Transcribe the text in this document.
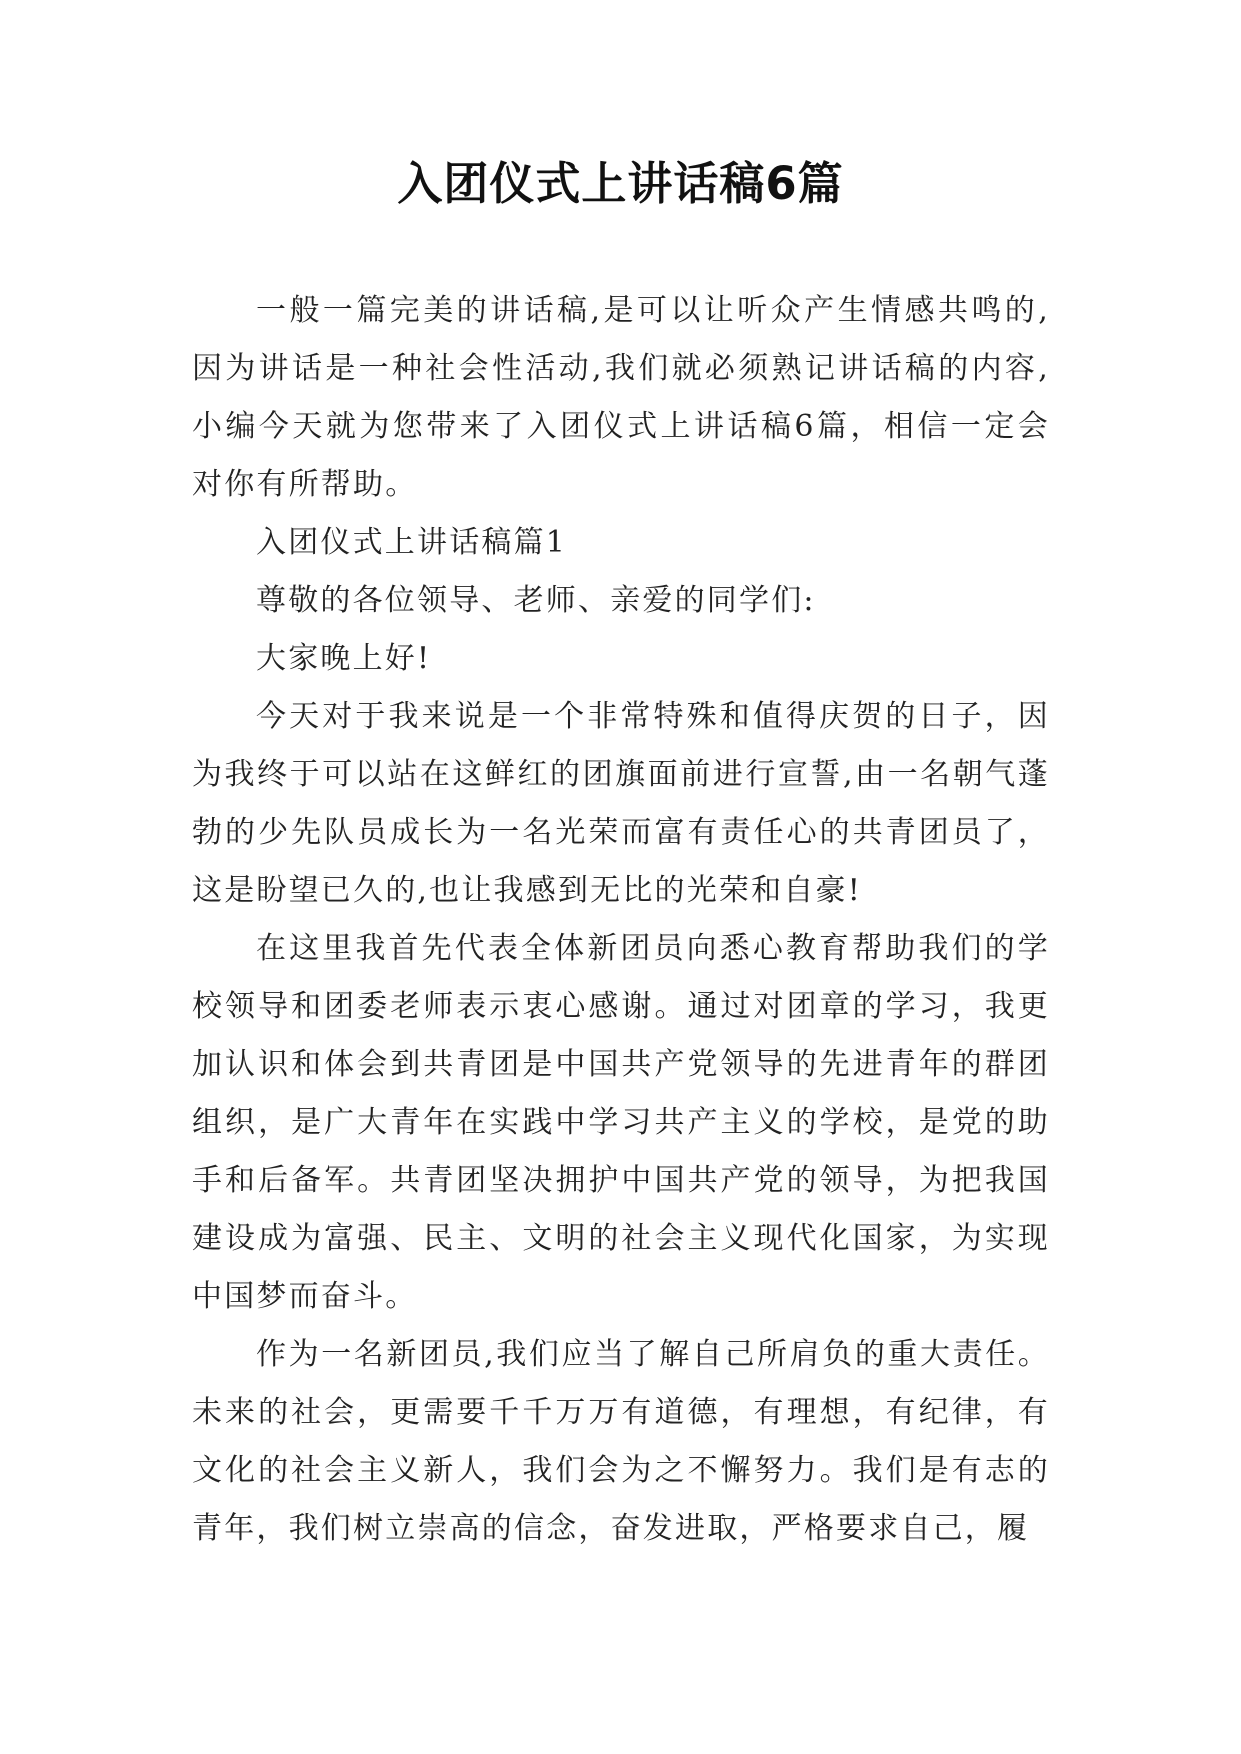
入团仪式上讲话稿6篇

一般一篇完美的讲话稿,是可以让听众产生情感共鸣的,因为讲话是一种社会性活动,我们就必须熟记讲话稿的内容,小编今天就为您带来了入团仪式上讲话稿6篇，相信一定会对你有所帮助。

入团仪式上讲话稿篇1

尊敬的各位领导、老师、亲爱的同学们:

大家晚上好!

今天对于我来说是一个非常特殊和值得庆贺的日子，因为我终于可以站在这鲜红的团旗面前进行宣誓,由一名朝气蓬勃的少先队员成长为一名光荣而富有责任心的共青团员了，这是盼望已久的,也让我感到无比的光荣和自豪!

在这里我首先代表全体新团员向悉心教育帮助我们的学校领导和团委老师表示衷心感谢。通过对团章的学习，我更加认识和体会到共青团是中国共产党领导的先进青年的群团组织，是广大青年在实践中学习共产主义的学校，是党的助手和后备军。共青团坚决拥护中国共产党的领导，为把我国建设成为富强、民主、文明的社会主义现代化国家，为实现中国梦而奋斗。

作为一名新团员,我们应当了解自己所肩负的重大责任。未来的社会，更需要千千万万有道德，有理想，有纪律，有文化的社会主义新人，我们会为之不懈努力。我们是有志的青年，我们树立崇高的信念，奋发进取，严格要求自己，履
